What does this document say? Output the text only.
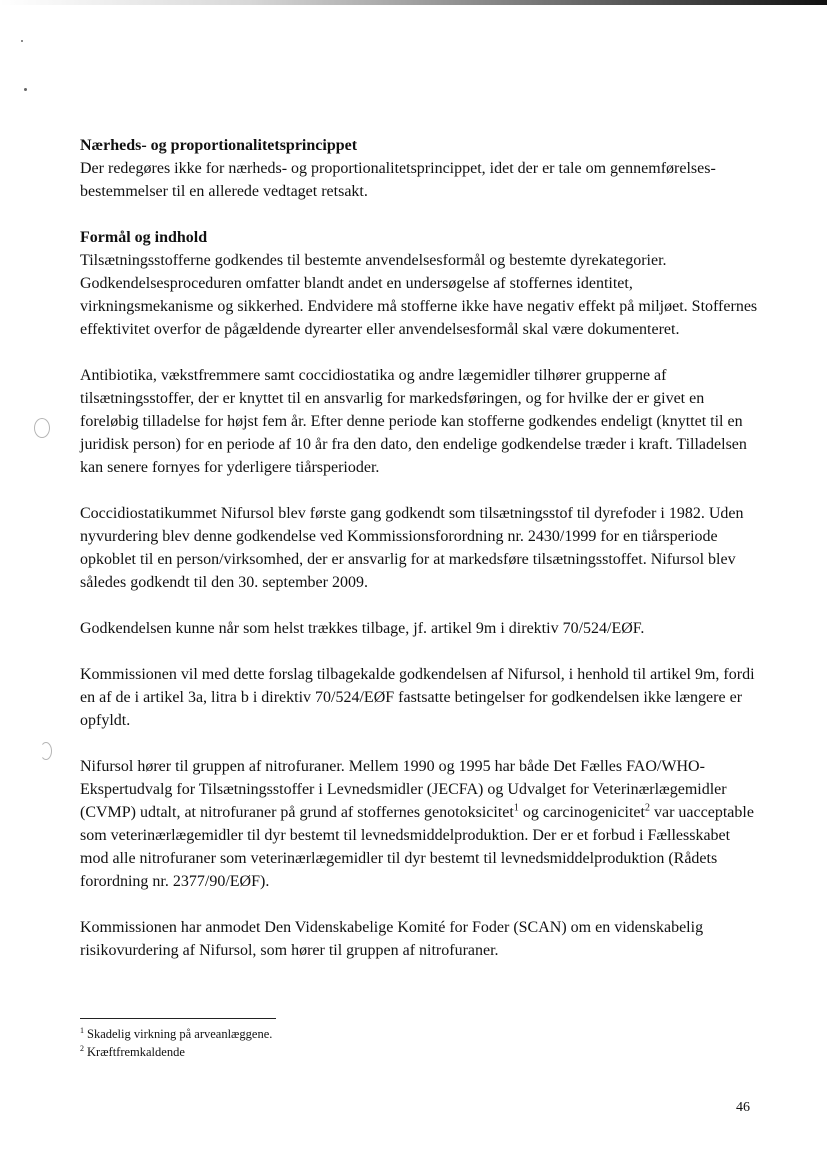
Nærheds- og proportionalitetsprincippet

Der redegøres ikke for nærheds- og proportionalitetsprincippet, idet der er tale om gennemførelses-bestemmelser til en allerede vedtaget retsakt.

Formål og indhold

Tilsætningsstofferne godkendes til bestemte anvendelsesformål og bestemte dyrekategorier. Godkendelsesproceduren omfatter blandt andet en undersøgelse af stoffernes identitet, virkningsmekanisme og sikkerhed. Endvidere må stofferne ikke have negativ effekt på miljøet. Stoffernes effektivitet overfor de pågældende dyrearter eller anvendelsesformål skal være dokumenteret.

Antibiotika, vækstfremmere samt coccidiostatika og andre lægemidler tilhører grupperne af tilsætningsstoffer, der er knyttet til en ansvarlig for markedsføringen, og for hvilke der er givet en foreløbig tilladelse for højst fem år. Efter denne periode kan stofferne godkendes endeligt (knyttet til en juridisk person) for en periode af 10 år fra den dato, den endelige godkendelse træder i kraft. Tilladelsen kan senere fornyes for yderligere tiårsperioder.

Coccidiostatikummet Nifursol blev første gang godkendt som tilsætningsstof til dyrefoder i 1982. Uden nyvurdering blev denne godkendelse ved Kommissionsforordning nr. 2430/1999 for en tiårsperiode opkoblet til en person/virksomhed, der er ansvarlig for at markedsføre tilsætningsstoffet. Nifursol blev således godkendt til den 30. september 2009.

Godkendelsen kunne når som helst trækkes tilbage, jf. artikel 9m i direktiv 70/524/EØF.

Kommissionen vil med dette forslag tilbagekalde godkendelsen af Nifursol, i henhold til artikel 9m, fordi en af de i artikel 3a, litra b i direktiv 70/524/EØF fastsatte betingelser for godkendelsen ikke længere er opfyldt.

Nifursol hører til gruppen af nitrofuraner. Mellem 1990 og 1995 har både Det Fælles FAO/WHO-Ekspertudvalg for Tilsætningsstoffer i Levnedsmidler (JECFA) og Udvalget for Veterinærlægemidler (CVMP) udtalt, at nitrofuraner på grund af stoffernes genotoksicitet$^1$ og carcinogenicitet$^2$ var uacceptable som veterinærlægemidler til dyr bestemt til levnedsmiddelproduktion. Der er et forbud i Fællesskabet mod alle nitrofuraner som veterinærlægemidler til dyr bestemt til levnedsmiddelproduktion (Rådets forordning nr. 2377/90/EØF).

Kommissionen har anmodet Den Videnskabelige Komité for Foder (SCAN) om en videnskabelig risikovurdering af Nifursol, som hører til gruppen af nitrofuraner.

$^1$ Skadelig virkning på arveanlæggene.
$^2$ Kræftfremkaldende
46
